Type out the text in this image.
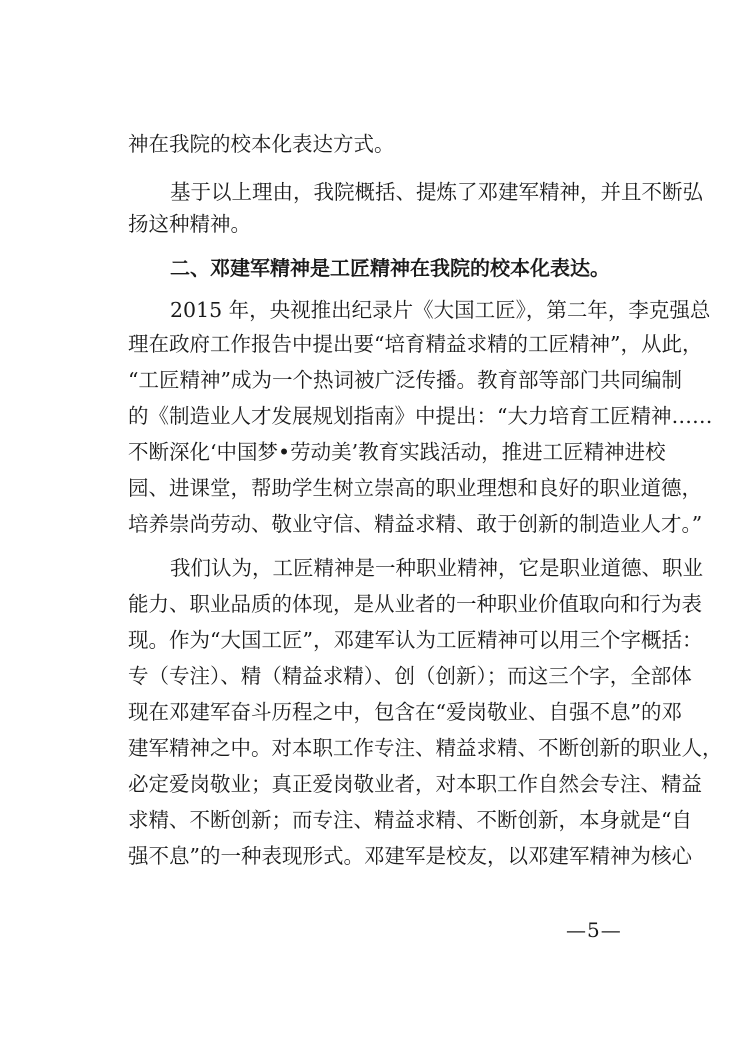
神在我院的校本化表达方式。
基于以上理由，我院概括、提炼了邓建军精神，并且不断弘
扬这种精神。
二、邓建军精神是工匠精神在我院的校本化表达。
2015 年，央视推出纪录片《大国工匠》，第二年，李克强总
理在政府工作报告中提出要“培育精益求精的工匠精神”，从此，
“工匠精神”成为一个热词被广泛传播。教育部等部门共同编制
的《制造业人才发展规划指南》中提出：“大力培育工匠精神……
不断深化‘中国梦•劳动美’教育实践活动，推进工匠精神进校
园、进课堂，帮助学生树立崇高的职业理想和良好的职业道德，
培养崇尚劳动、敬业守信、精益求精、敢于创新的制造业人才。”
我们认为，工匠精神是一种职业精神，它是职业道德、职业
能力、职业品质的体现，是从业者的一种职业价值取向和行为表
现。作为“大国工匠”，邓建军认为工匠精神可以用三个字概括：
专（专注）、精（精益求精）、创（创新）；而这三个字，全部体
现在邓建军奋斗历程之中，包含在“爱岗敬业、自强不息”的邓
建军精神之中。对本职工作专注、精益求精、不断创新的职业人，
必定爱岗敬业；真正爱岗敬业者，对本职工作自然会专注、精益
求精、不断创新；而专注、精益求精、不断创新，本身就是“自
强不息”的一种表现形式。邓建军是校友，以邓建军精神为核心
—5—
